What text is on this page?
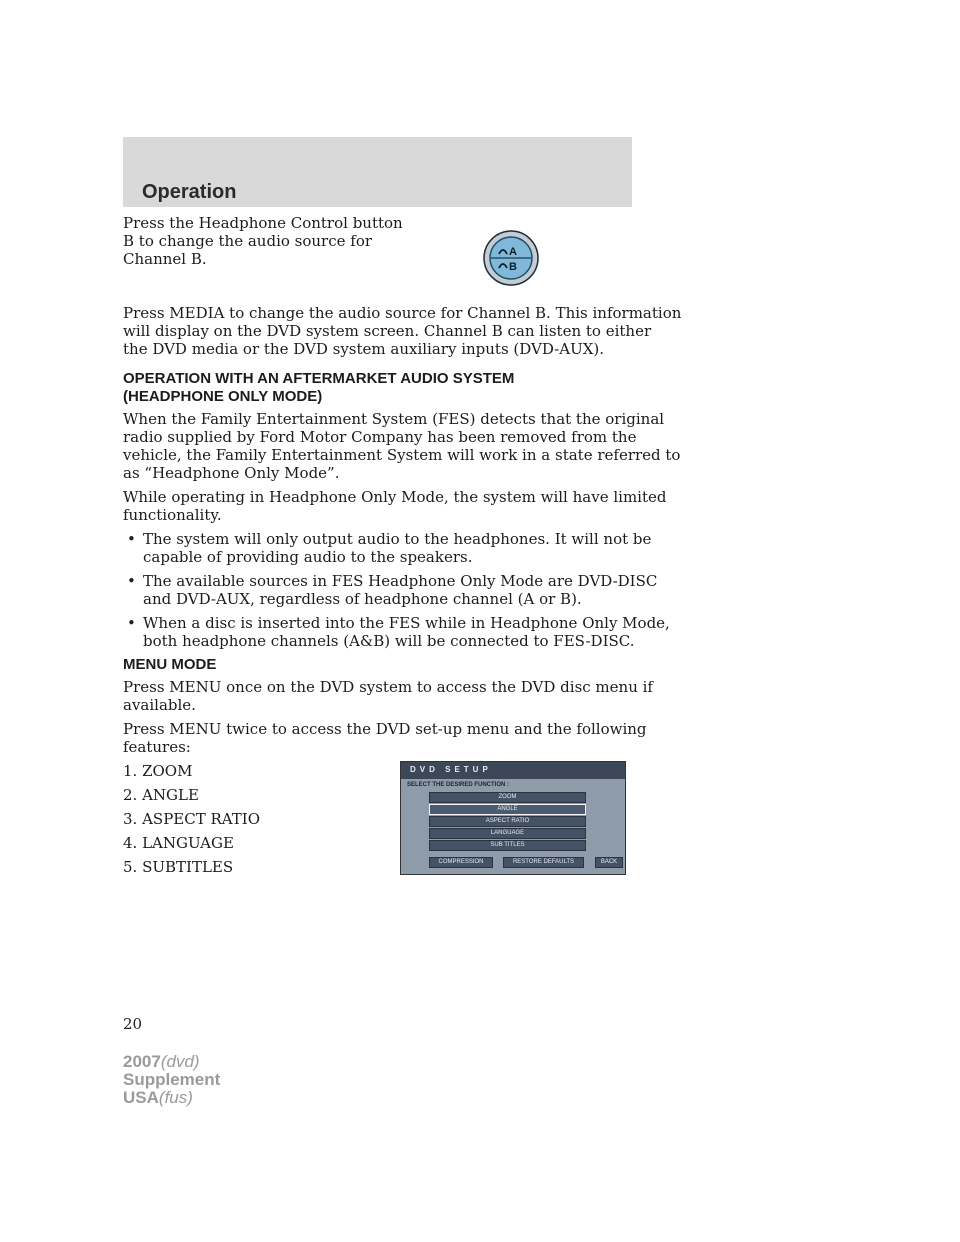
Operation
Press the Headphone Control button
B to change the audio source for
Channel B.	A
B
Press MEDIA to change the audio source for Channel B. This information
will display on the DVD system screen. Channel B can listen to either
the DVD media or the DVD system auxiliary inputs (DVD-AUX).
OPERATION WITH AN AFTERMARKET AUDIO SYSTEM
(HEADPHONE ONLY MODE)
When the Family Entertainment System (FES) detects that the original
radio supplied by Ford Motor Company has been removed from the
vehicle, the Family Entertainment System will work in a state referred to
as “Headphone Only Mode”.
While operating in Headphone Only Mode, the system will have limited
functionality.
• The system will only output audio to the headphones. It will not be
capable of providing audio to the speakers.
• The available sources in FES Headphone Only Mode are DVD-DISC
and DVD-AUX, regardless of headphone channel (A or B).
• When a disc is inserted into the FES while in Headphone Only Mode,
both headphone channels (A&B) will be connected to FES-DISC.
MENU MODE
Press MENU once on the DVD system to access the DVD disc menu if
available.
Press MENU twice to access the DVD set-up menu and the following
features:
1. ZOOM
2. ANGLE
3. ASPECT RATIO
4. LANGUAGE
5. SUBTITLES
DVD SETUP
SELECT THE DESIRED FUNCTION :
ZOOM
ANGLE
ASPECT RATIO
LANGUAGE
SUB TITLES
COMPRESSION	RESTORE DEFAULTS	BACK
20
2007(dvd)
Supplement
USA(fus)
